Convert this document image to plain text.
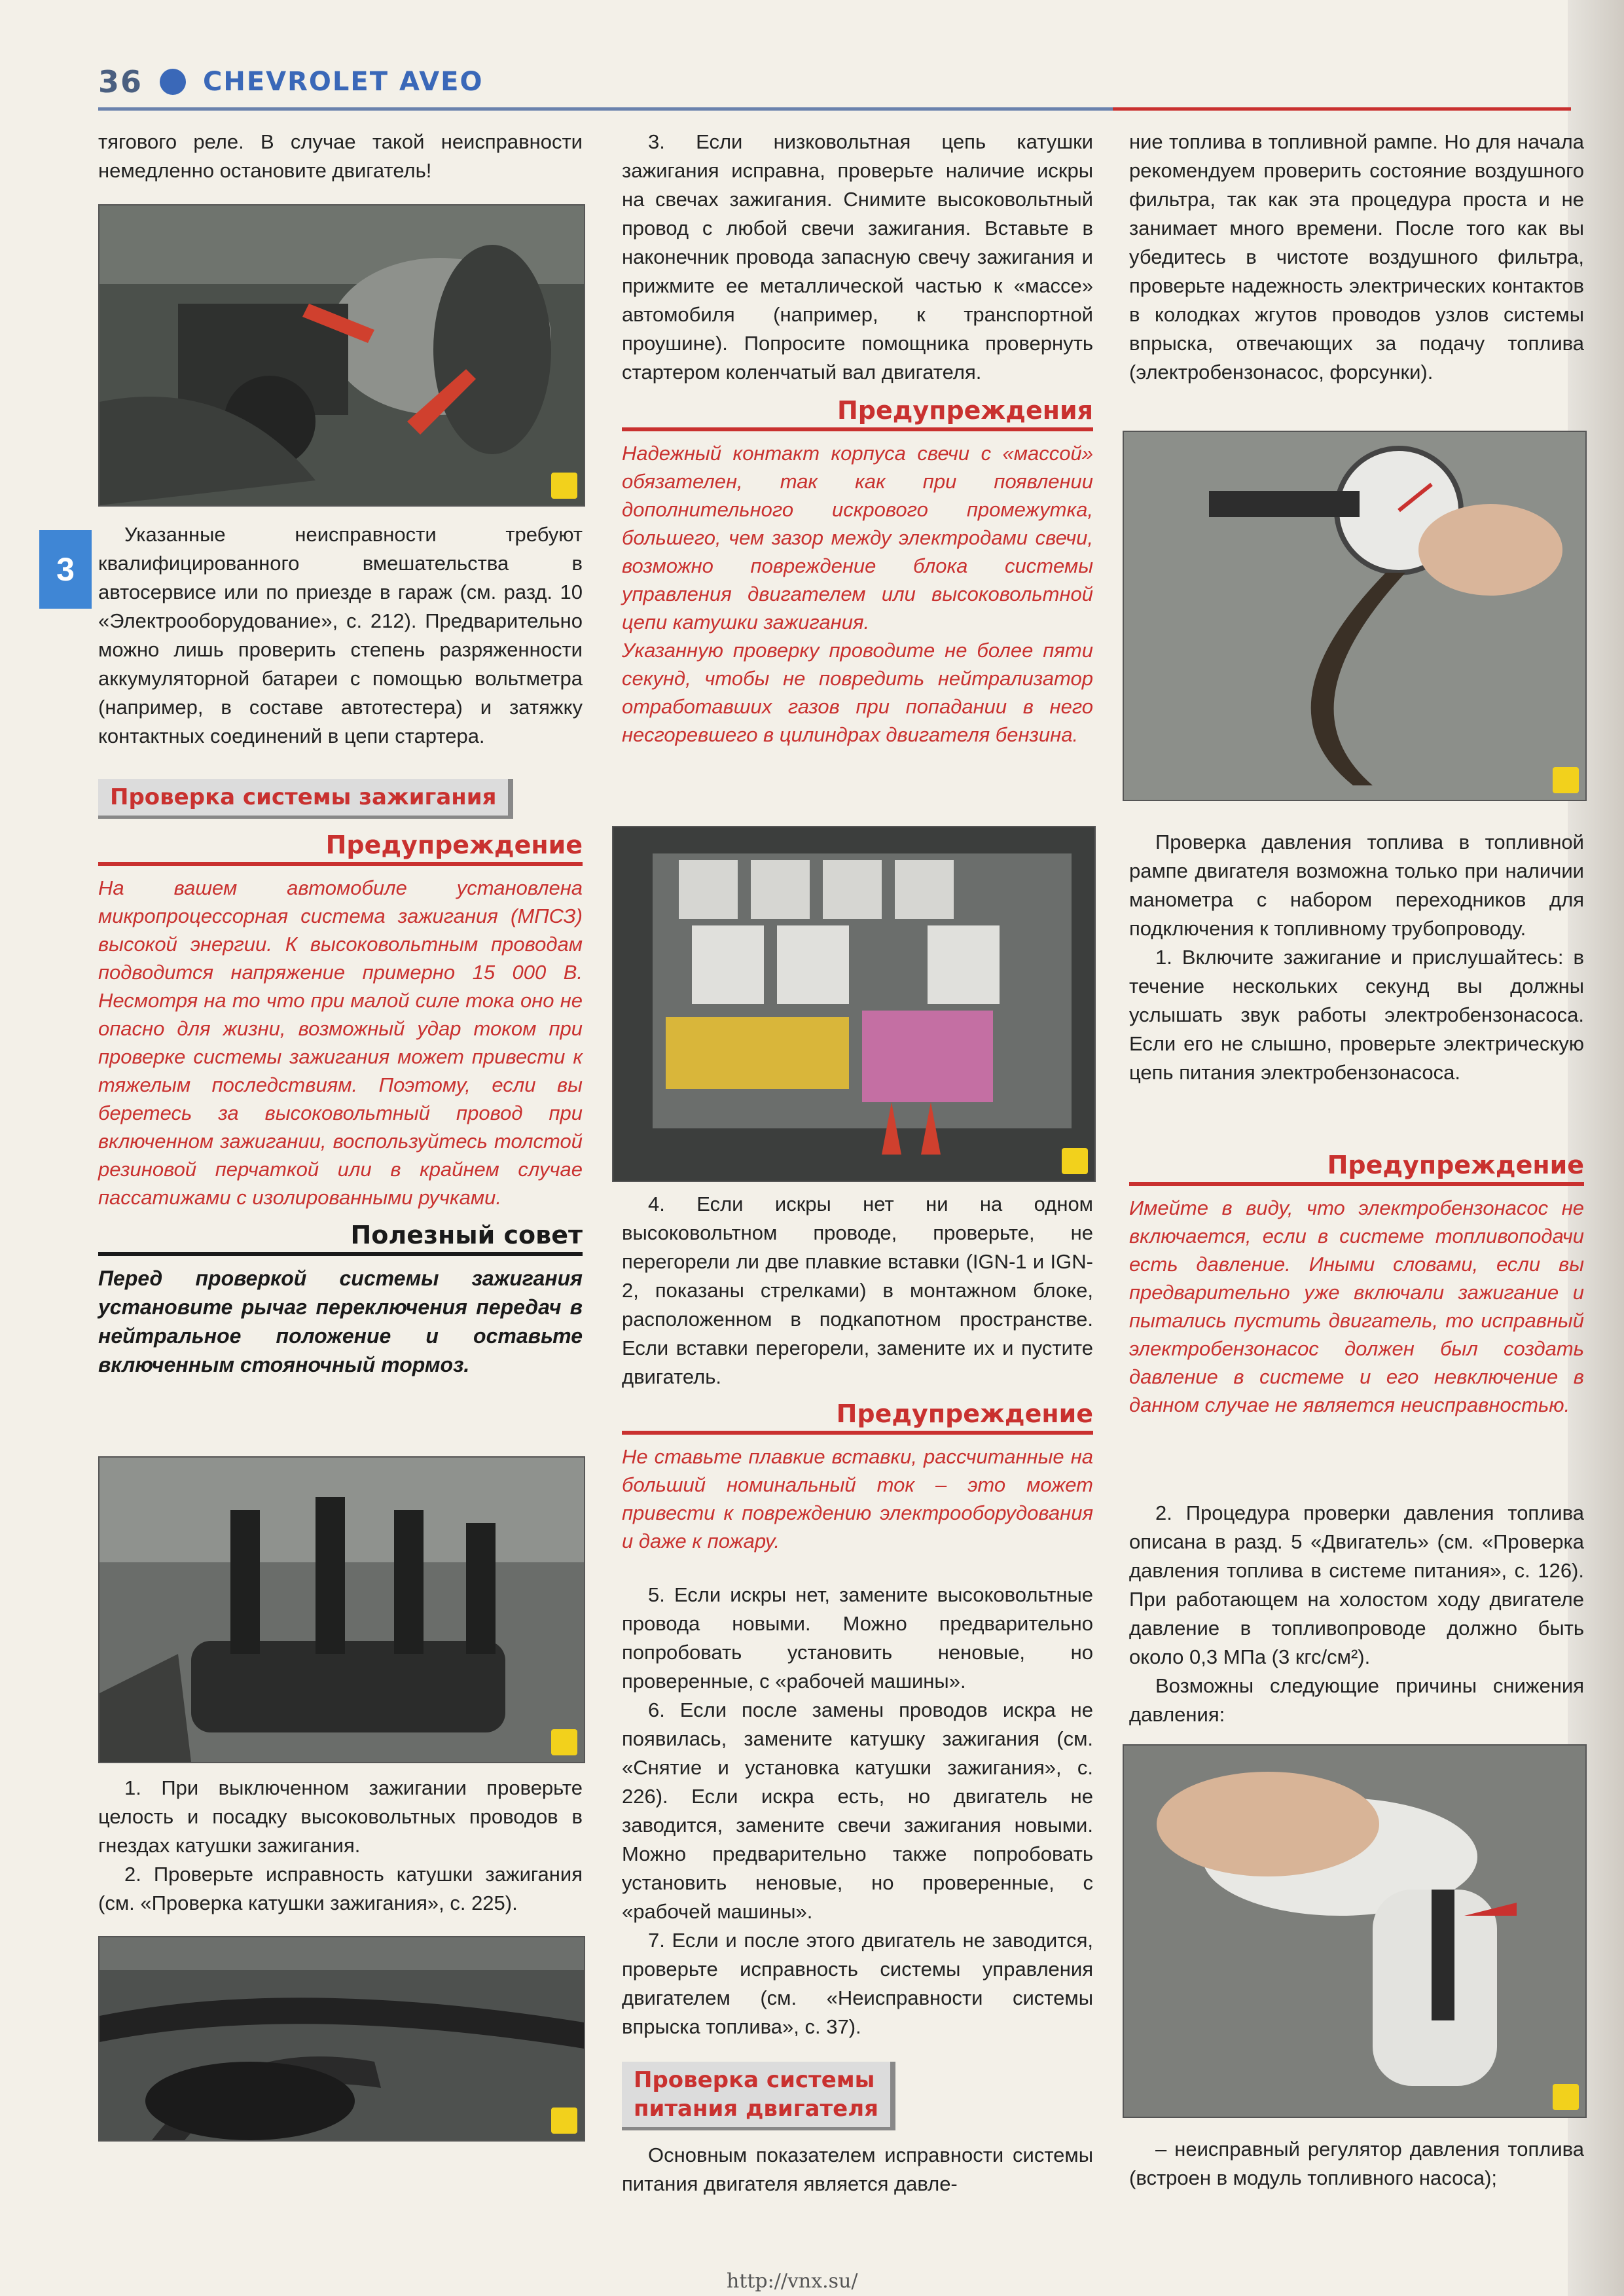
36 CHEVROLET AVEO
3

тягового реле. В случае такой неисправности немедленно остановите двигатель!

Указанные неисправности требуют квалифицированного вмешательства в автосервисе или по приезде в гараж (см. разд. 10 «Электрооборудование», с. 212). Предварительно можно лишь проверить степень разряженности аккумуляторной батареи с помощью вольтметра (например, в составе автотестера) и затяжку контактных соединений в цепи стартера.

Проверка системы зажигания
Предупреждение

На вашем автомобиле установлена микропроцессорная система зажигания (МПСЗ) высокой энергии. К высоковольтным проводам подводится напряжение примерно 15 000 В. Несмотря на то что при малой силе тока оно не опасно для жизни, возможный удар током при проверке системы зажигания может привести к тяжелым последствиям. Поэтому, если вы беретесь за высоковольтный провод при включенном зажигании, воспользуйтесь толстой резиновой перчаткой или в крайнем случае пассатижами с изолированными ручками.

Полезный совет

Перед проверкой системы зажигания установите рычаг переключения передач в нейтральное положение и оставьте включенным стояночный тормоз.

1. При выключенном зажигании проверьте целость и посадку высоковольтных проводов в гнездах катушки зажигания.

2. Проверьте исправность катушки зажигания (см. «Проверка катушки зажигания», с. 225).

3. Если низковольтная цепь катушки зажигания исправна, проверьте наличие искры на свечах зажигания. Снимите высоковольтный провод с любой свечи зажигания. Вставьте в наконечник провода запасную свечу зажигания и прижмите ее металлической частью к «массе» автомобиля (например, к транспортной проушине). Попросите помощника провернуть стартером коленчатый вал двигателя.

Предупреждения

Надежный контакт корпуса свечи с «массой» обязателен, так как при появлении дополнительного искрового промежутка, большего, чем зазор между электродами свечи, возможно повреждение блока системы управления двигателем или высоковольтной цепи катушки зажигания.

Указанную проверку проводите не более пяти секунд, чтобы не повредить нейтрализатор отработавших газов при попадании в него несгоревшего в цилиндрах двигателя бензина.

4. Если искры нет ни на одном высоковольтном проводе, проверьте, не перегорели ли две плавкие вставки (IGN-1 и IGN-2, показаны стрелками) в монтажном блоке, расположенном в подкапотном пространстве. Если вставки перегорели, замените их и пустите двигатель.

Предупреждение

Не ставьте плавкие вставки, рассчитанные на больший номинальный ток – это может привести к повреждению электрооборудования и даже к пожару.

5. Если искры нет, замените высоковольтные провода новыми. Можно предварительно попробовать установить неновые, но проверенные, с «рабочей машины».

6. Если после замены проводов искра не появилась, замените катушку зажигания (см. «Снятие и установка катушки зажигания», с. 226). Если искра есть, но двигатель не заводится, замените свечи зажигания новыми. Можно предварительно также попробовать установить неновые, но проверенные, с «рабочей машины».

7. Если и после этого двигатель не заводится, проверьте исправность системы управления двигателем (см. «Неисправности системы впрыска топлива», с. 37).

Проверка системы
питания двигателя

Основным показателем исправности системы питания двигателя является давле-

ние топлива в топливной рампе. Но для начала рекомендуем проверить состояние воздушного фильтра, так как эта процедура проста и не занимает много времени. После того как вы убедитесь в чистоте воздушного фильтра, проверьте надежность электрических контактов в колодках жгутов проводов узлов системы впрыска, отвечающих за подачу топлива (электробензонасос, форсунки).

Проверка давления топлива в топливной рампе двигателя возможна только при наличии манометра с набором переходников для подключения к топливному трубопроводу.

1. Включите зажигание и прислушайтесь: в течение нескольких секунд вы должны услышать звук работы электробензонасоса. Если его не слышно, проверьте электрическую цепь питания электробензонасоса.

Предупреждение

Имейте в виду, что электробензонасос не включается, если в системе топливоподачи есть давление. Иными словами, если вы предварительно уже включали зажигание и пытались пустить двигатель, то исправный электробензонасос должен был создать давление в системе и его невключение в данном случае не является неисправностью.

2. Процедура проверки давления топлива описана в разд. 5 «Двигатель» (см. «Проверка давления топлива в системе питания», с. 126). При работающем на холостом ходу двигателе давление в топливопроводе должно быть около 0,3 МПа (3 кгс/см²).

Возможны следующие причины снижения давления:

– неисправный регулятор давления топлива (встроен в модуль топливного насоса);

http://vnx.su/
